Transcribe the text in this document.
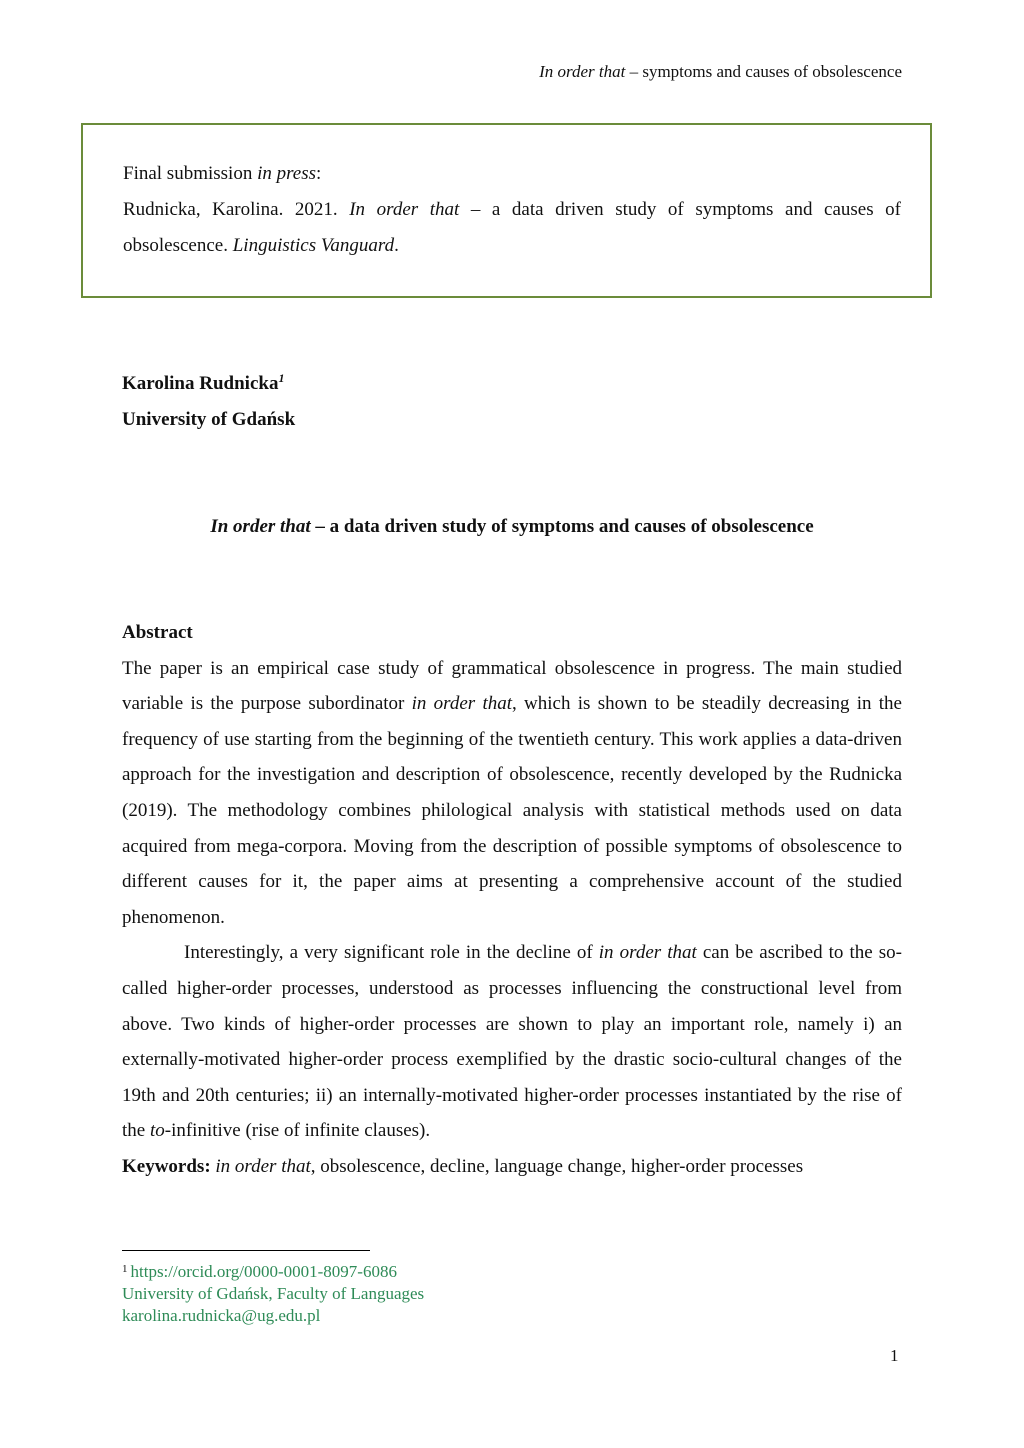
In order that – symptoms and causes of obsolescence

Final submission in press:

Rudnicka, Karolina. 2021. In order that – a data driven study of symptoms and causes of obsolescence. Linguistics Vanguard.

Karolina Rudnicka$^1$
University of Gdańsk
In order that – a data driven study of symptoms and causes of obsolescence
Abstract

The paper is an empirical case study of grammatical obsolescence in progress. The main studied variable is the purpose subordinator in order that, which is shown to be steadily decreasing in the frequency of use starting from the beginning of the twentieth century. This work applies a data-driven approach for the investigation and description of obsolescence, recently developed by the Rudnicka (2019). The methodology combines philological analysis with statistical methods used on data acquired from mega-corpora. Moving from the description of possible symptoms of obsolescence to different causes for it, the paper aims at presenting a comprehensive account of the studied phenomenon.

Interestingly, a very significant role in the decline of in order that can be ascribed to the so-called higher-order processes, understood as processes influencing the constructional level from above. Two kinds of higher-order processes are shown to play an important role, namely i) an externally-motivated higher-order process exemplified by the drastic socio-cultural changes of the 19th and 20th centuries; ii) an internally-motivated higher-order processes instantiated by the rise of the to-infinitive (rise of infinite clauses).

Keywords: in order that, obsolescence, decline, language change, higher-order processes
$^1$ https://orcid.org/0000-0001-8097-6086
University of Gdańsk, Faculty of Languages
karolina.rudnicka@ug.edu.pl
1
